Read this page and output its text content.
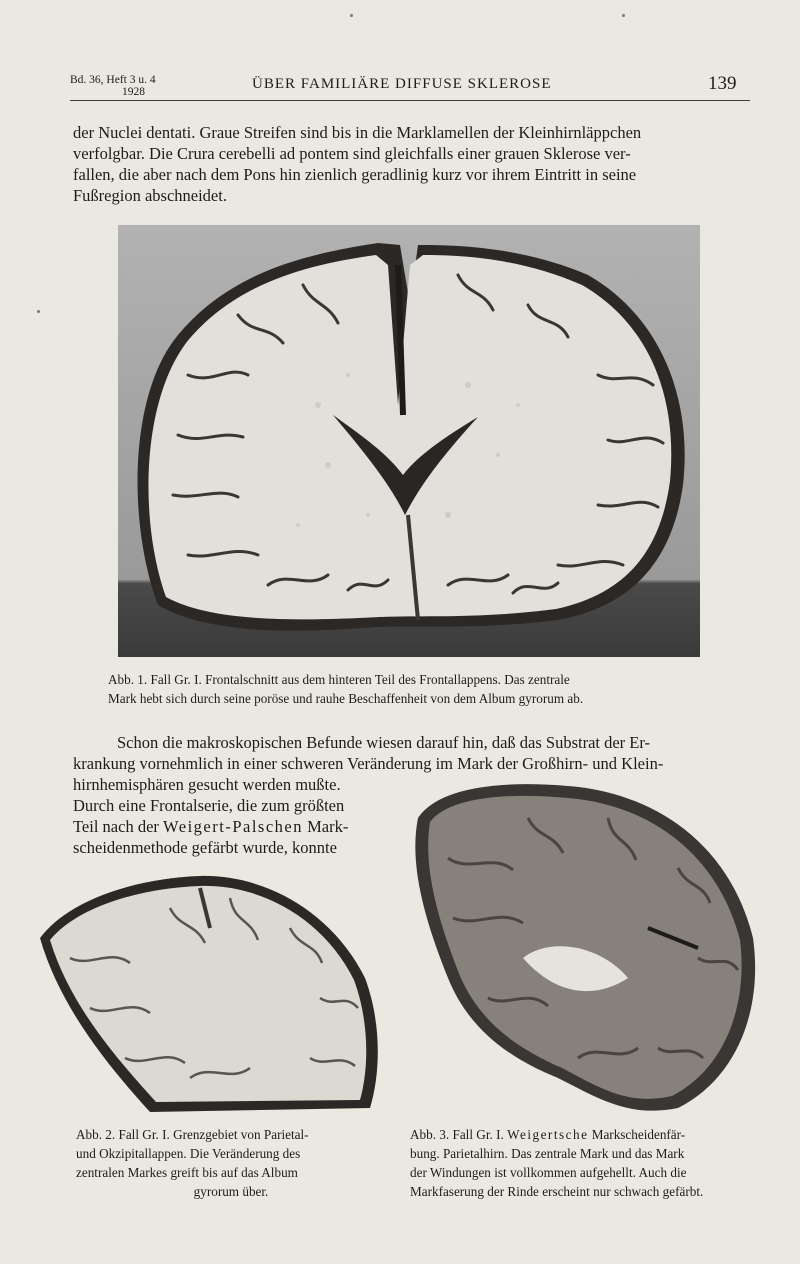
Bd. 36, Heft 3 u. 4
1928	ÜBER FAMILIÄRE DIFFUSE SKLEROSE	139
der Nuclei dentati. Graue Streifen sind bis in die Marklamellen der Kleinhirnläppchen
verfolgbar. Die Crura cerebelli ad pontem sind gleichfalls einer grauen Sklerose ver-
fallen, die aber nach dem Pons hin zienlich geradlinig kurz vor ihrem Eintritt in seine
Fußregion abschneidet.
Abb. 1. Fall Gr. I. Frontalschnitt aus dem hinteren Teil des Frontallappens. Das zentrale
Mark hebt sich durch seine poröse und rauhe Beschaffenheit von dem Album gyrorum ab.
Schon die makroskopischen Befunde wiesen darauf hin, daß das Substrat der Er-
krankung vornehmlich in einer schweren Veränderung im Mark der Großhirn- und Klein-
hirnhemisphären gesucht werden mußte.
Durch eine Frontalserie, die zum größten
Teil nach der Weigert-Palschen Mark-
scheidenmethode gefärbt wurde, konnte
Abb. 2. Fall Gr. I. Grenzgebiet von Parietal-
und Okzipitallappen. Die Veränderung des
zentralen Markes greift bis auf das Album
gyrorum über.
Abb. 3. Fall Gr. I. Weigertsche Markscheidenfär-
bung. Parietalhirn. Das zentrale Mark und das Mark
der Windungen ist vollkommen aufgehellt. Auch die
Markfaserung der Rinde erscheint nur schwach gefärbt.
